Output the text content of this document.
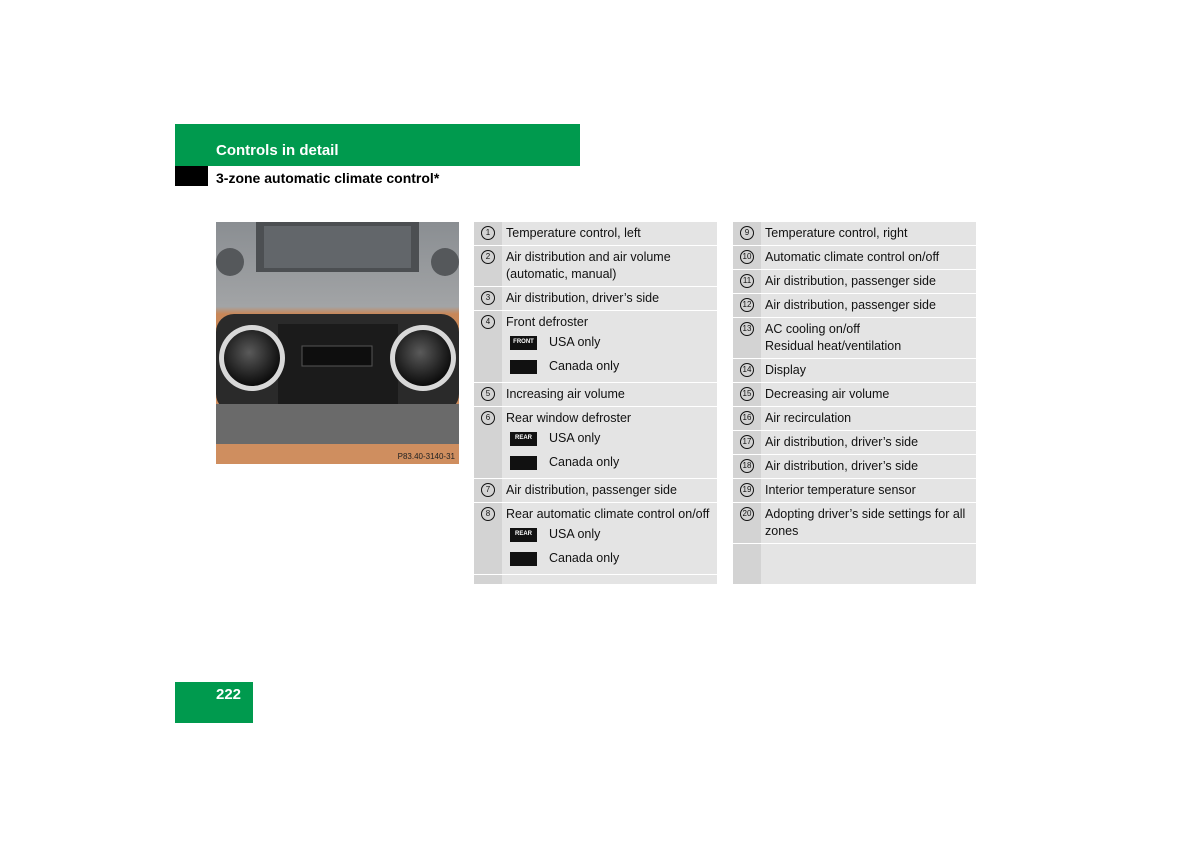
Controls in detail
3-zone automatic climate control*
P83.40-3140-31
1	Temperature control, left
2	Air distribution and air volume (automatic, manual)
3	Air distribution, driver’s side
4	Front defroster
FRONT USA only
Canada only
5	Increasing air volume
6	Rear window defroster
REAR	USA only
Canada only
7	Air distribution, passenger side
8	Rear automatic climate control on/off
REAR	USA only
Canada only
9	Temperature control, right
10 Automatic climate control on/off
11 Air distribution, passenger side
12 Air distribution, passenger side
13 AC cooling on/off
Residual heat/ventilation
14 Display
15 Decreasing air volume
16 Air recirculation
17 Air distribution, driver’s side
18 Air distribution, driver’s side
19 Interior temperature sensor
20 Adopting driver’s side settings for all zones
222
